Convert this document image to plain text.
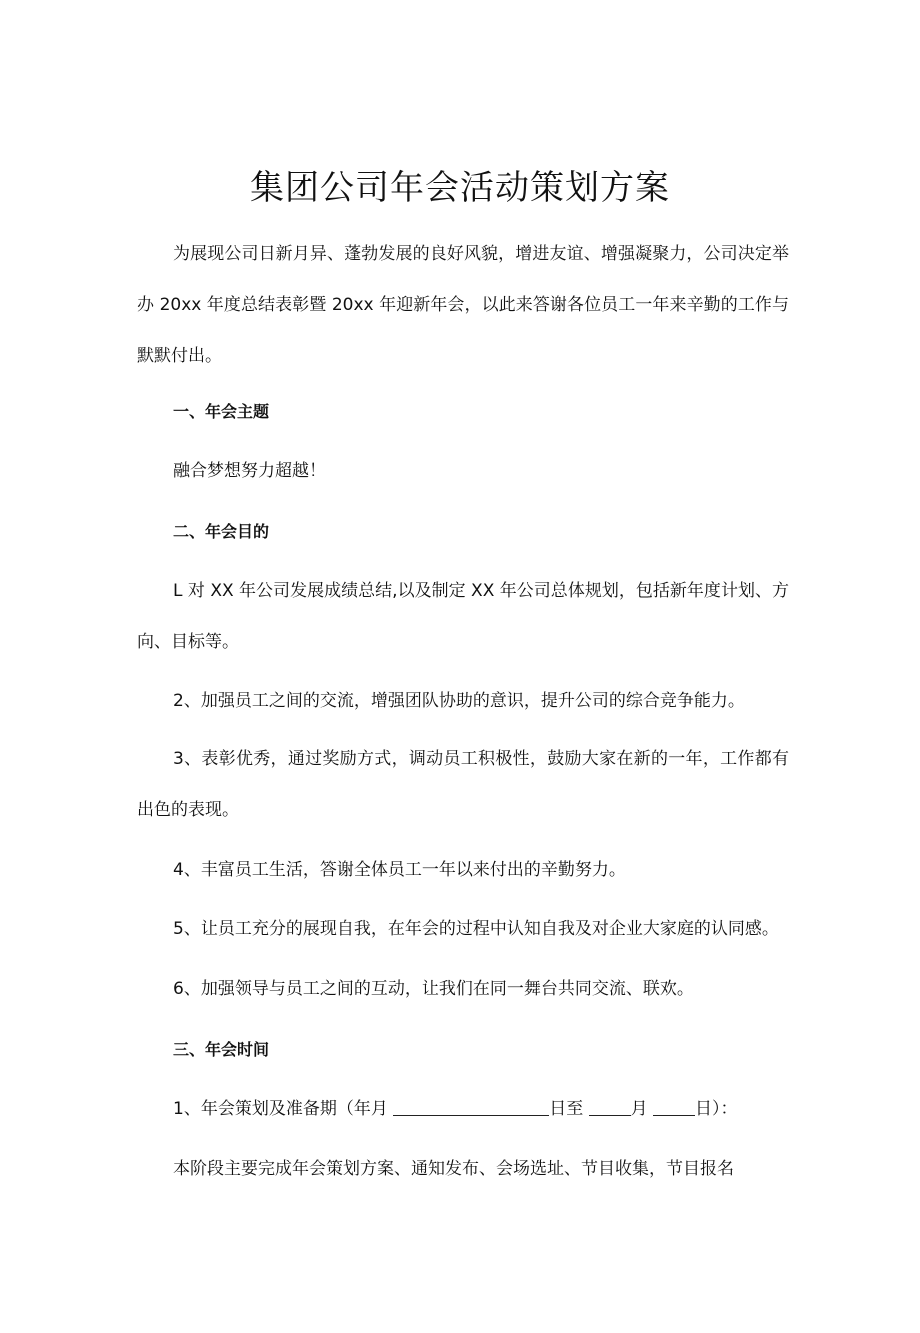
集团公司年会活动策划方案

为展现公司日新月异、蓬勃发展的良好风貌，增进友谊、增强凝聚力，公司决定举办 20xx 年度总结表彰暨 20xx 年迎新年会，以此来答谢各位员工一年来辛勤的工作与默默付出。

一、年会主题

融合梦想努力超越！

二、年会目的

L 对 XX 年公司发展成绩总结,以及制定 XX 年公司总体规划，包括新年度计划、方向、目标等。

2、加强员工之间的交流，增强团队协助的意识，提升公司的综合竞争能力。

3、表彰优秀，通过奖励方式，调动员工积极性，鼓励大家在新的一年，工作都有出色的表现。

4、丰富员工生活，答谢全体员工一年以来付出的辛勤努力。

5、让员工充分的展现自我，在年会的过程中认知自我及对企业大家庭的认同感。

6、加强领导与员工之间的互动，让我们在同一舞台共同交流、联欢。

三、年会时间

1、年会策划及准备期（年月	日至	月	日）：

本阶段主要完成年会策划方案、通知发布、会场选址、节目收集，节目报名
